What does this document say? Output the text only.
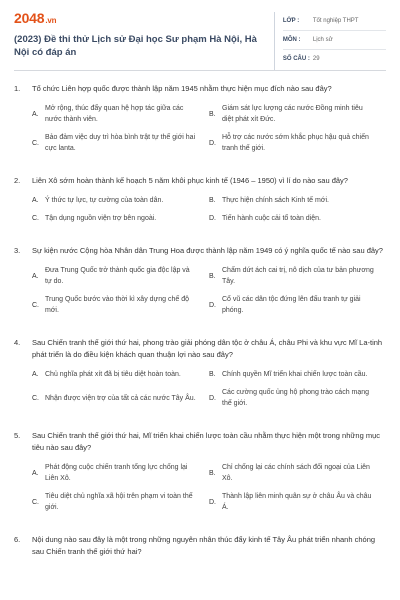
2048.vn
(2023) Đề thi thử Lịch sử Đại học Sư phạm Hà Nội, Hà Nội có đáp án
LỚP :	Tốt nghiệp THPT
MÔN :	Lịch sử
SỐ CÂU : 29
1.	Tổ chức Liên hợp quốc được thành lập năm 1945 nhằm thực hiện mục đích nào sau đây?
A.
Mở rộng, thúc đẩy quan hệ hợp tác giữa các nước thành viên.
B.
Giám sát lực lượng các nước Đồng minh tiêu diệt phát xít Đức.
C.
Bảo đảm việc duy trì hòa bình trật tự thế giới hai cực lanta.
D.
Hỗ trợ các nước sớm khắc phục hậu quả chiến tranh thế giới.
2.	Liên Xô sớm hoàn thành kế hoạch 5 năm khôi phục kinh tế (1946 – 1950) vì lí do nào sau đây?
A. Ý thức tự lực, tự cường của toàn dân.	B. Thực hiện chính sách Kinh tế mới.
C. Tận dụng nguồn viện trợ bên ngoài.	D. Tiến hành cuộc cải tổ toàn diện.
3.	Sự kiện nước Cộng hòa Nhân dân Trung Hoa được thành lập năm 1949 có ý nghĩa quốc tế nào sau đây?
A.
Đưa Trung Quốc trở thành quốc gia độc lập và tự do.
B.
Chấm dứt ách cai trị, nô dịch của tư bản phương Tây.
C.
Trung Quốc bước vào thời kì xây dựng chế độ mới.
D.
Cổ vũ các dân tộc đứng lên đấu tranh tự giải phóng.
4.	Sau Chiến tranh thế giới thứ hai, phong trào giải phóng dân tộc ở châu Á, châu Phi và khu vực Mĩ La-tinh phát triển là do điều kiện khách quan thuận lợi nào sau đây?
A. Chủ nghĩa phát xít đã bị tiêu diệt hoàn toàn.	B. Chính quyền Mĩ triển khai chiến lược toàn cầu.
C. Nhận được viện trợ của tất cả các nước Tây Âu. D.
Các cường quốc ủng hộ phong trào cách mạng thế giới.
5.	Sau Chiến tranh thế giới thứ hai, Mĩ triển khai chiến lược toàn cầu nhằm thực hiện một trong những mục tiêu nào sau đây?
A.
Phát động cuộc chiến tranh tổng lực chống lại Liên Xô.
B.
Chỉ chống lại các chính sách đối ngoại của Liên Xô.
C.
Tiêu diệt chủ nghĩa xã hội trên phạm vi toàn thế giới.
D.
Thành lập liên minh quân sự ở châu Âu và châu Á.
6.	Nội dung nào sau đây là một trong những nguyên nhân thúc đẩy kinh tế Tây Âu phát triển nhanh chóng sau Chiến tranh thế giới thứ hai?
